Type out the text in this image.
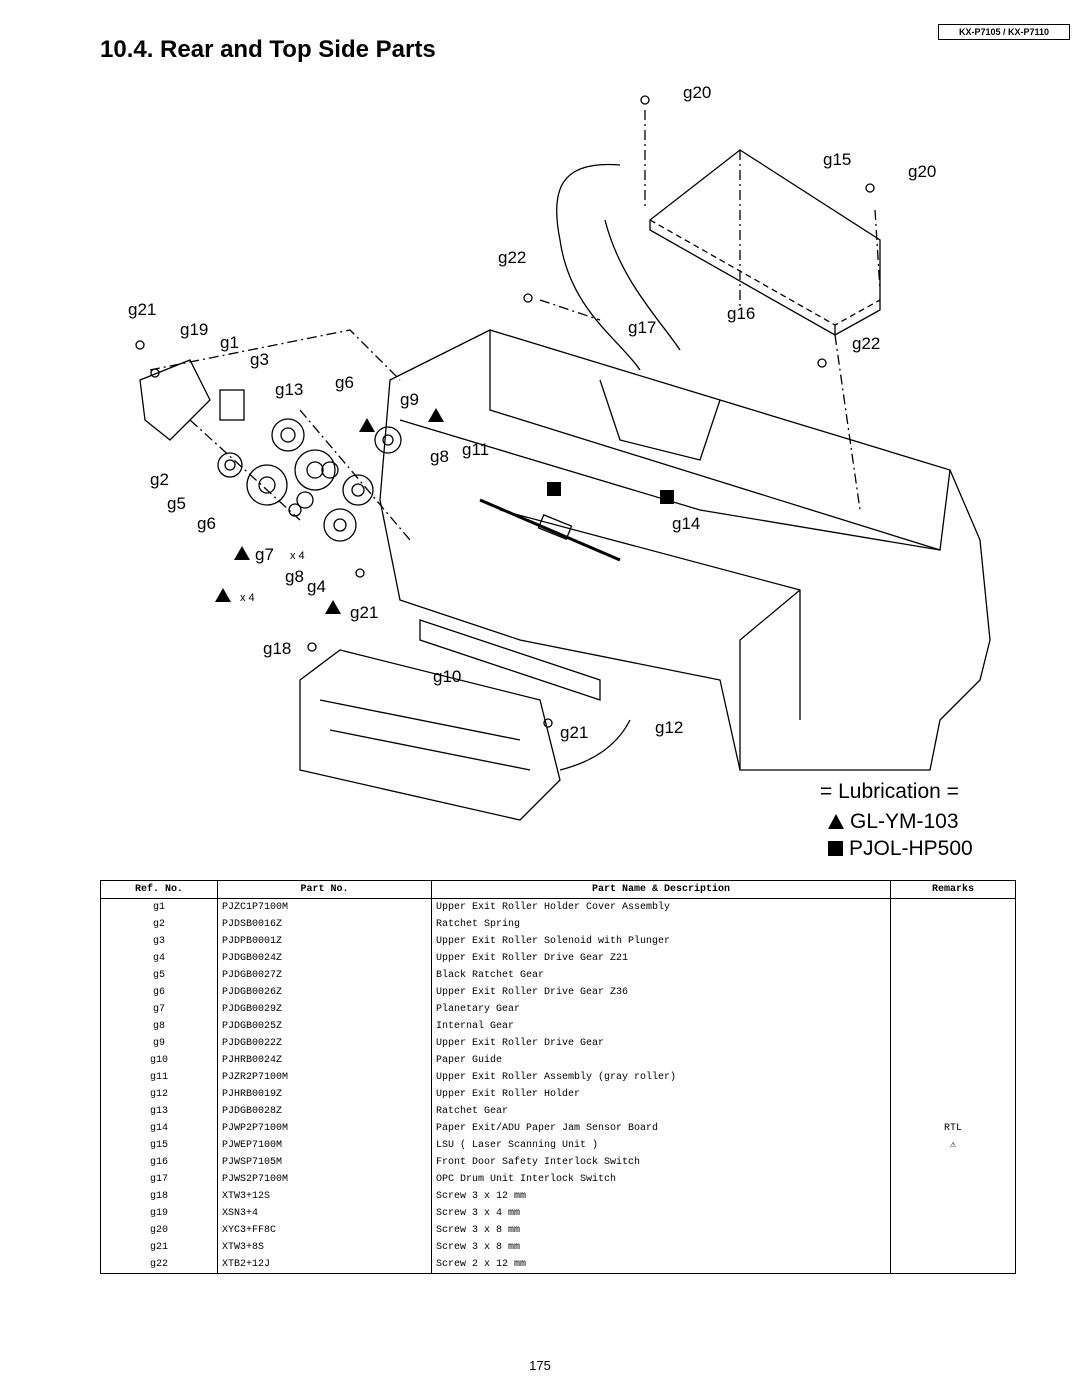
KX-P7105 / KX-P7110
10.4. Rear and Top Side Parts
g20
g15
g20
g22
g21
g19
g1
g3
g17
g16
g22
g13 g6
g9
g2
g11
g8
g5
g6	g14
g7 x 4
g8
g4
x 4
g21
g18
g10
g21	g12
= Lubrication =
GL-YM-103
PJOL-HP500
Ref. No.	Part No.	Part Name & Description	Remarks
g1	PJZC1P7100M	Upper Exit Roller Holder Cover Assembly	
g2	PJDSB0016Z	Ratchet Spring	
g3	PJDPB0001Z	Upper Exit Roller Solenoid with Plunger	
g4	PJDGB0024Z	Upper Exit Roller Drive Gear Z21	
g5	PJDGB0027Z	Black Ratchet Gear	
g6	PJDGB0026Z	Upper Exit Roller Drive Gear Z36	
g7	PJDGB0029Z	Planetary Gear	
g8	PJDGB0025Z	Internal Gear	
g9	PJDGB0022Z	Upper Exit Roller Drive Gear	
g10	PJHRB0024Z	Paper Guide	
g11	PJZR2P7100M	Upper Exit Roller Assembly (gray roller)	
g12	PJHRB0019Z	Upper Exit Roller Holder	
g13	PJDGB0028Z	Ratchet Gear	
g14	PJWP2P7100M	Paper Exit/ADU Paper Jam Sensor Board	RTL
g15	PJWEP7100M	LSU ( Laser Scanning Unit )	⚠
g16	PJWSP7105M	Front Door Safety Interlock Switch	
g17	PJWS2P7100M	OPC Drum Unit Interlock Switch	
g18	XTW3+12S	Screw 3 x 12 mm	
g19	XSN3+4	Screw 3 x 4 mm	
g20	XYC3+FF8C	Screw 3 x 8 mm	
g21	XTW3+8S	Screw 3 x 8 mm	
g22	XTB2+12J	Screw 2 x 12 mm	
175
